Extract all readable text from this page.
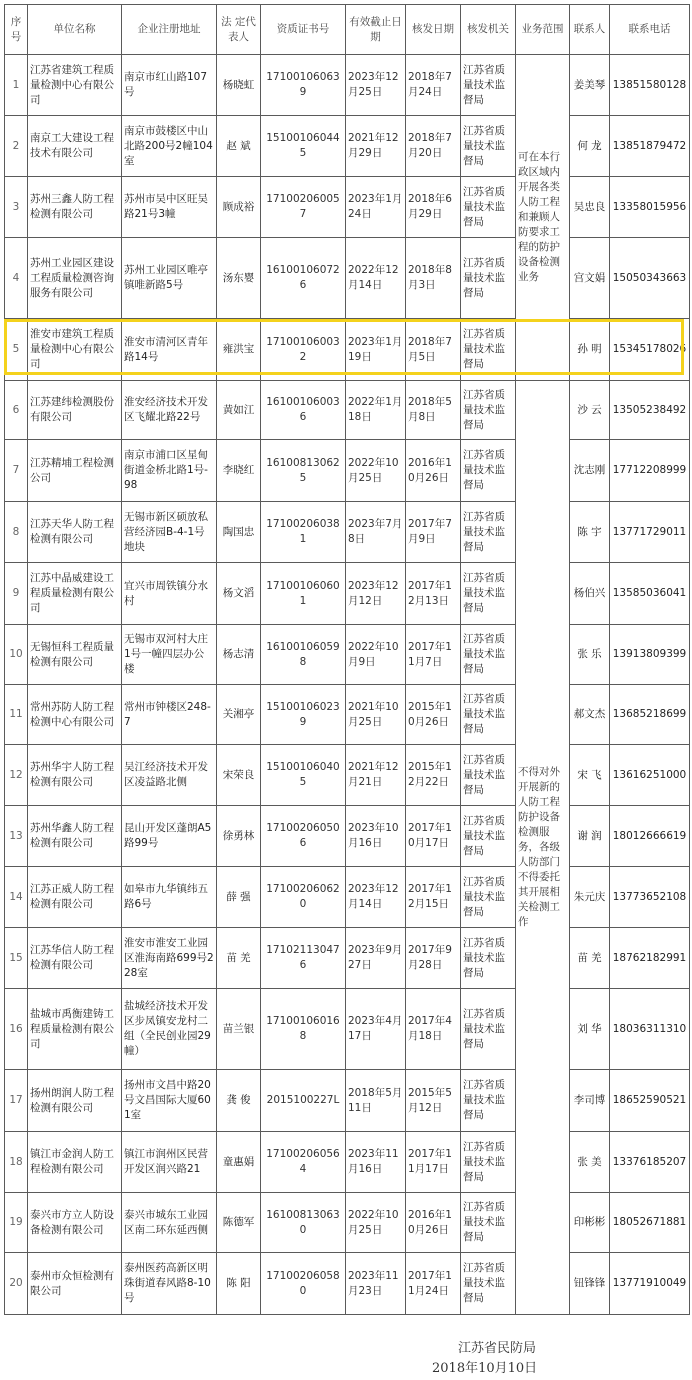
序号	单位名称	企业注册地址	法 定代表人	资质证书号	有效截止日期	核发日期	核发机关	业务范围	联系人	联系电话
1	江苏省建筑工程质量检测中心有限公司	南京市红山路107号	杨晓虹	171001060639	2023年12月25日	2018年7月24日	江苏省质量技术监督局	可在本行政区域内开展各类人防工程和兼顾人防要求工程的防护设备检测业务	姜美琴	13851580128
2	南京工大建设工程技术有限公司	南京市鼓楼区中山北路200号2幢104室	赵 斌	151001060445	2021年12月29日	2018年7月20日	江苏省质量技术监督局		何 龙	13851879472
3	苏州三鑫人防工程检测有限公司	苏州市吴中区旺吴路21号3幢	顾成裕	171002060057	2023年1月24日	2018年6月29日	江苏省质量技术监督局		吴忠良	13358015956
4	苏州工业园区建设工程质量检测咨询服务有限公司	苏州工业园区唯亭镇唯新路5号	汤东婴	161001060726	2022年12月14日	2018年8月3日	江苏省质量技术监督局		宫文娟	15050343663
5	淮安市建筑工程质量检测中心有限公司	淮安市清河区青年路14号	雍洪宝	171001060032	2023年1月19日	2018年7月5日	江苏省质量技术监督局		孙 明	15345178026
6	江苏建纬检测股份有限公司	淮安经济技术开发区飞耀北路22号	黄如江	161001060036	2022年1月18日	2018年5月8日	江苏省质量技术监督局	不得对外开展新的人防工程防护设备检测服务，各级人防部门不得委托其开展相关检测工作	沙 云	13505238492
7	江苏精埔工程检测公司	南京市浦口区星甸街道金桥北路1号-98	李晓红	161008130625	2022年10月25日	2016年10月26日	江苏省质量技术监督局		沈志刚	17712208999
8	江苏天华人防工程检测有限公司	无锡市新区硕放私营经济园B-4-1号地块	陶国忠	171002060381	2023年7月8日	2017年7月9日	江苏省质量技术监督局		陈 宇	13771729011
9	江苏中晶威建设工程质量检测有限公司	宜兴市周铁镇分水村	杨文滔	171001060601	2023年12月12日	2017年12月13日	江苏省质量技术监督局		杨伯兴	13585036041
10	无锡恒科工程质量检测有限公司	无锡市双河村大庄1号一幢四层办公楼	杨志清	161001060598	2022年10月9日	2017年11月7日	江苏省质量技术监督局		张 乐	13913809399
11	常州苏防人防工程检测中心有限公司	常州市钟楼区248-7	关湘亭	151001060239	2021年10月25日	2015年10月26日	江苏省质量技术监督局		郝文杰	13685218699
12	苏州华宇人防工程检测有限公司	吴江经济技术开发区凌益路北侧	宋荣良	151001060405	2021年12月21日	2015年12月22日	江苏省质量技术监督局		宋 飞	13616251000
13	苏州华鑫人防工程检测有限公司	昆山开发区蓬朗A5路99号	徐勇林	171002060506	2023年10月16日	2017年10月17日	江苏省质量技术监督局		谢 润	18012666619
14	江苏正威人防工程检测有限公司	如皋市九华镇纬五路6号	薛 强	171002060620	2023年12月14日	2017年12月15日	江苏省质量技术监督局		朱元庆	13773652108
15	江苏华信人防工程检测有限公司	淮安市淮安工业园区淮海南路699号228室	苗 羌	171021130476	2023年9月27日	2017年9月28日	江苏省质量技术监督局		苗 羌	18762182991
16	盐城市禹衡建铸工程质量检测有限公司	盐城经济技术开发区步凤镇安龙村二组（全民创业园29幢）	苗兰银	171001060168	2023年4月17日	2017年4月18日	江苏省质量技术监督局		刘 华	18036311310
17	扬州朗润人防工程检测有限公司	扬州市文昌中路20号文昌国际大厦601室	龚 俊	2015100227L	2018年5月11日	2015年5月12日	江苏省质量技术监督局		李司博	18652590521
18	镇江市金润人防工程检测有限公司	镇江市润州区民营开发区润兴路21	童惠娟	171002060564	2023年11月16日	2017年11月17日	江苏省质量技术监督局		张 美	13376185207
19	泰兴市方立人防设备检测有限公司	泰兴市城东工业园区南二环东延西侧	陈德军	161008130630	2022年10月25日	2016年10月26日	江苏省质量技术监督局		印彬彬	18052671881
20	泰州市众恒检测有限公司	泰州医药高新区明珠街道春风路8-10号	陈 阳	171002060580	2023年11月23日	2017年11月24日	江苏省质量技术监督局		钮锋锋	13771910049
江苏省民防局
2018年10月10日
